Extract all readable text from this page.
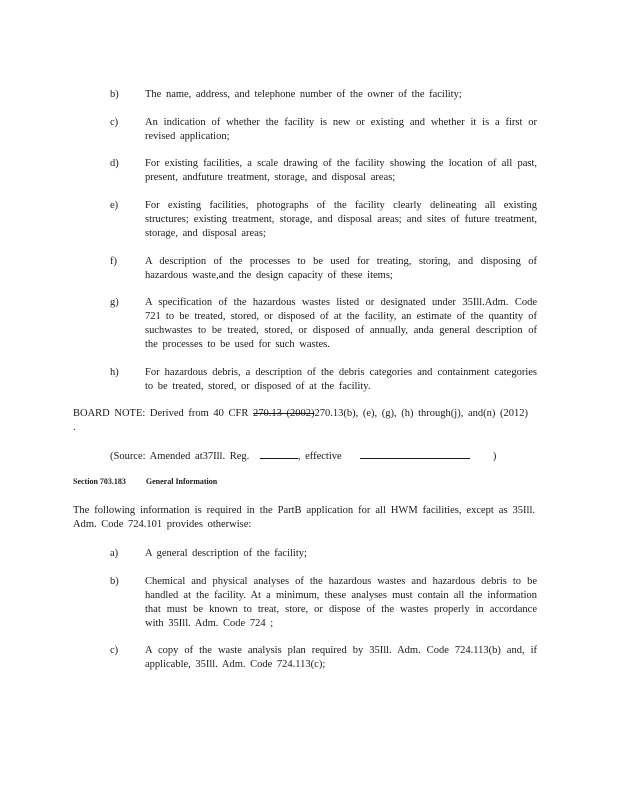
b)	The name, address, and telephone number of the owner of the facility;
c)	An indication of whether the facility is new or existing and whether it is a first or revised application;
d)	For existing facilities, a scale drawing of the facility showing the location of all past, present, andfuture treatment, storage, and disposal areas;
e)	For existing facilities, photographs of the facility clearly delineating all existing structures; existing treatment, storage, and disposal areas; and sites of future treatment, storage, and disposal areas;
f)	A description of the processes to be used for treating, storing, and disposing of hazardous waste,and the design capacity of these items;
g)	A specification of the hazardous wastes listed or designated under 35Ill.Adm. Code 721 to be treated, stored, or disposed of at the facility, an estimate of the quantity of suchwastes to be treated, stored, or disposed of annually, anda general description of the processes to be used for such wastes.
h)	For hazardous debris, a description of the debris categories and containment categories to be treated, stored, or disposed of at the facility.
BOARD NOTE: Derived from 40 CFR 270.13 (2002)270.13(b), (e), (g), (h) through(j), and(n) (2012) .
(Source: Amended at37Ill. Reg.	, effective	)
Section 703.183	General Information
The following information is required in the PartB application for all HWM facilities, except as 35Ill. Adm. Code 724.101 provides otherwise:
a)	A general description of the facility;
b)	Chemical and physical analyses of the hazardous wastes and hazardous debris to be handled at the facility. At a minimum, these analyses must contain all the information that must be known to treat, store, or dispose of the wastes properly in accordance with 35Ill. Adm. Code 724 ;
c)	A copy of the waste analysis plan required by 35Ill. Adm. Code 724.113(b) and, if applicable, 35Ill. Adm. Code 724.113(c);
